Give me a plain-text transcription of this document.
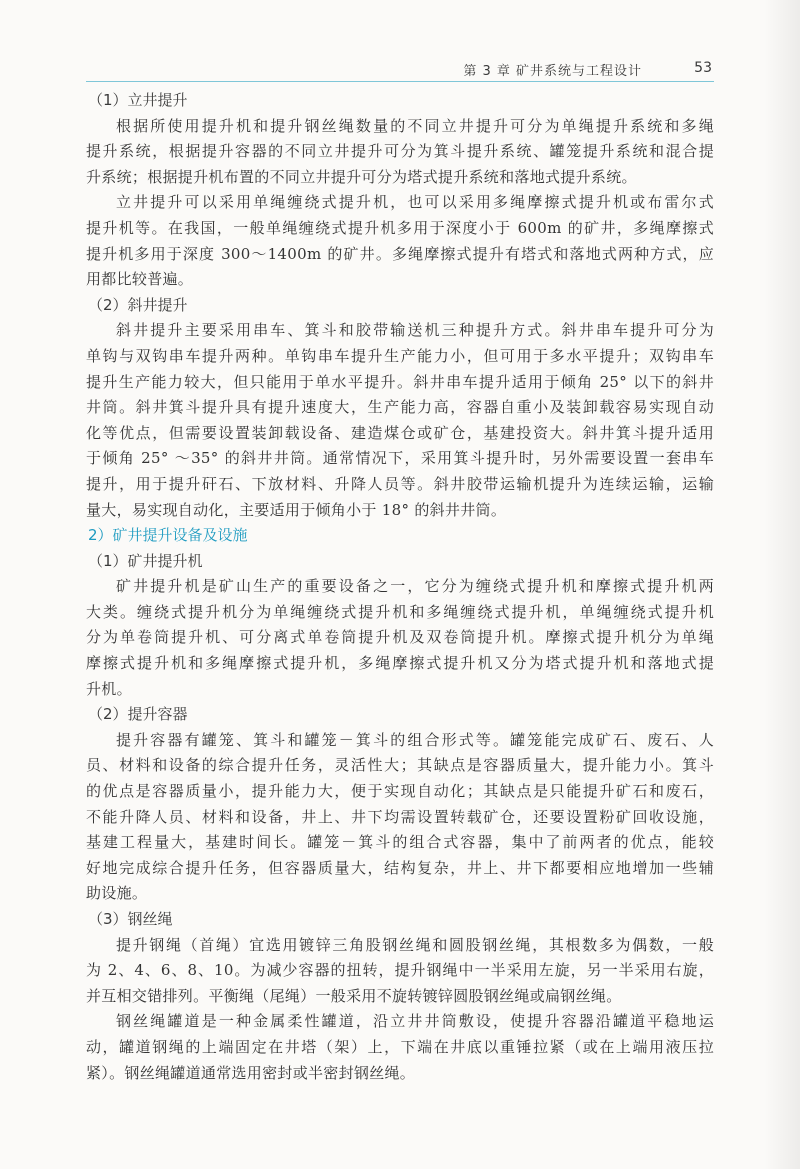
第 3 章 矿井系统与工程设计	53
（1）立井提升
根据所使用提升机和提升钢丝绳数量的不同立井提升可分为单绳提升系统和多绳
提升系统，根据提升容器的不同立井提升可分为箕斗提升系统、罐笼提升系统和混合提
升系统；根据提升机布置的不同立井提升可分为塔式提升系统和落地式提升系统。
立井提升可以采用单绳缠绕式提升机，也可以采用多绳摩擦式提升机或布雷尔式
提升机等。在我国，一般单绳缠绕式提升机多用于深度小于 600m 的矿井，多绳摩擦式
提升机多用于深度 300～1400m 的矿井。多绳摩擦式提升有塔式和落地式两种方式，应
用都比较普遍。
（2）斜井提升
斜井提升主要采用串车、箕斗和胶带输送机三种提升方式。斜井串车提升可分为
单钩与双钩串车提升两种。单钩串车提升生产能力小，但可用于多水平提升；双钩串车
提升生产能力较大，但只能用于单水平提升。斜井串车提升适用于倾角 25° 以下的斜井
井筒。斜井箕斗提升具有提升速度大，生产能力高，容器自重小及装卸载容易实现自动
化等优点，但需要设置装卸载设备、建造煤仓或矿仓，基建投资大。斜井箕斗提升适用
于倾角 25° ～35° 的斜井井筒。通常情况下，采用箕斗提升时，另外需要设置一套串车
提升，用于提升矸石、下放材料、升降人员等。斜井胶带运输机提升为连续运输，运输
量大，易实现自动化，主要适用于倾角小于 18° 的斜井井筒。
2）矿井提升设备及设施
（1）矿井提升机
矿井提升机是矿山生产的重要设备之一，它分为缠绕式提升机和摩擦式提升机两
大类。缠绕式提升机分为单绳缠绕式提升机和多绳缠绕式提升机，单绳缠绕式提升机
分为单卷筒提升机、可分离式单卷筒提升机及双卷筒提升机。摩擦式提升机分为单绳
摩擦式提升机和多绳摩擦式提升机，多绳摩擦式提升机又分为塔式提升机和落地式提
升机。
（2）提升容器
提升容器有罐笼、箕斗和罐笼－箕斗的组合形式等。罐笼能完成矿石、废石、人
员、材料和设备的综合提升任务，灵活性大；其缺点是容器质量大，提升能力小。箕斗
的优点是容器质量小，提升能力大，便于实现自动化；其缺点是只能提升矿石和废石，
不能升降人员、材料和设备，井上、井下均需设置转载矿仓，还要设置粉矿回收设施，
基建工程量大，基建时间长。罐笼－箕斗的组合式容器，集中了前两者的优点，能较
好地完成综合提升任务，但容器质量大，结构复杂，井上、井下都要相应地增加一些辅
助设施。
（3）钢丝绳
提升钢绳（首绳）宜选用镀锌三角股钢丝绳和圆股钢丝绳，其根数多为偶数，一般
为 2、4、6、8、10。为减少容器的扭转，提升钢绳中一半采用左旋，另一半采用右旋，
并互相交错排列。平衡绳（尾绳）一般采用不旋转镀锌圆股钢丝绳或扁钢丝绳。
钢丝绳罐道是一种金属柔性罐道，沿立井井筒敷设，使提升容器沿罐道平稳地运
动，罐道钢绳的上端固定在井塔（架）上，下端在井底以重锤拉紧（或在上端用液压拉
紧）。钢丝绳罐道通常选用密封或半密封钢丝绳。
